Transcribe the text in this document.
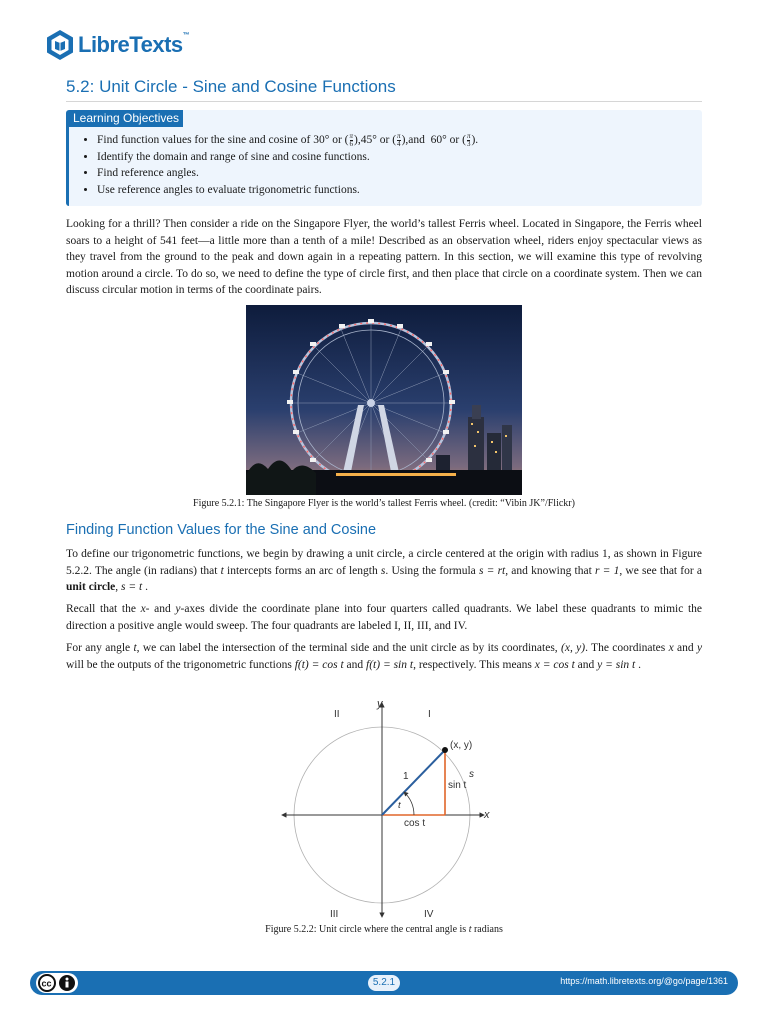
LibreTexts™
5.2: Unit Circle - Sine and Cosine Functions
Learning Objectives
• Find function values for the sine and cosine of 30° or ( $\frac{\pi}{6} ),45^\circ$ or ( $\frac{\pi}{4} ),and$ 60° or ( $\frac{\pi}{3}$ ).
• Identify the domain and range of sine and cosine functions.
• Find reference angles.
• Use reference angles to evaluate trigonometric functions.

Looking for a thrill? Then consider a ride on the Singapore Flyer, the world’s tallest Ferris wheel. Located in Singapore, the Ferris wheel soars to a height of 541 feet—a little more than a tenth of a mile! Described as an observation wheel, riders enjoy spectacular views as they travel from the ground to the peak and down again in a repeating pattern. In this section, we will examine this type of revolving motion around a circle. To do so, we need to define the type of circle first, and then place that circle on a coordinate system. Then we can discuss circular motion in terms of the coordinate pairs.

Figure 5.2.1: The Singapore Flyer is the world’s tallest Ferris wheel. (credit: “Vibin JK”/Flickr)
Finding Function Values for the Sine and Cosine

To define our trigonometric functions, we begin by drawing a unit circle, a circle centered at the origin with radius 1, as shown in Figure 5.2.2. The angle (in radians) that t intercepts forms an arc of length s. Using the formula s = rt, and knowing that r = 1, we see that for a unit circle, s = t .

Recall that the x- and y-axes divide the coordinate plane into four quarters called quadrants. We label these quadrants to mimic the direction a positive angle would sweep. The four quadrants are labeled I, II, III, and IV.

For any angle t, we can label the intersection of the terminal side and the unit circle as by its coordinates, (x, y). The coordinates x and y will be the outputs of the trigonometric functions f(t) = cos t and f(t) = sin t, respectively. This means x = cos t and y = sin t .

II	I
III	IV
y
x
(x, y)
1
t
s
sin t
cos t
Figure 5.2.2: Unit circle where the central angle is t radians
cc	5.2.1	https://math.libretexts.org/@go/page/1361
